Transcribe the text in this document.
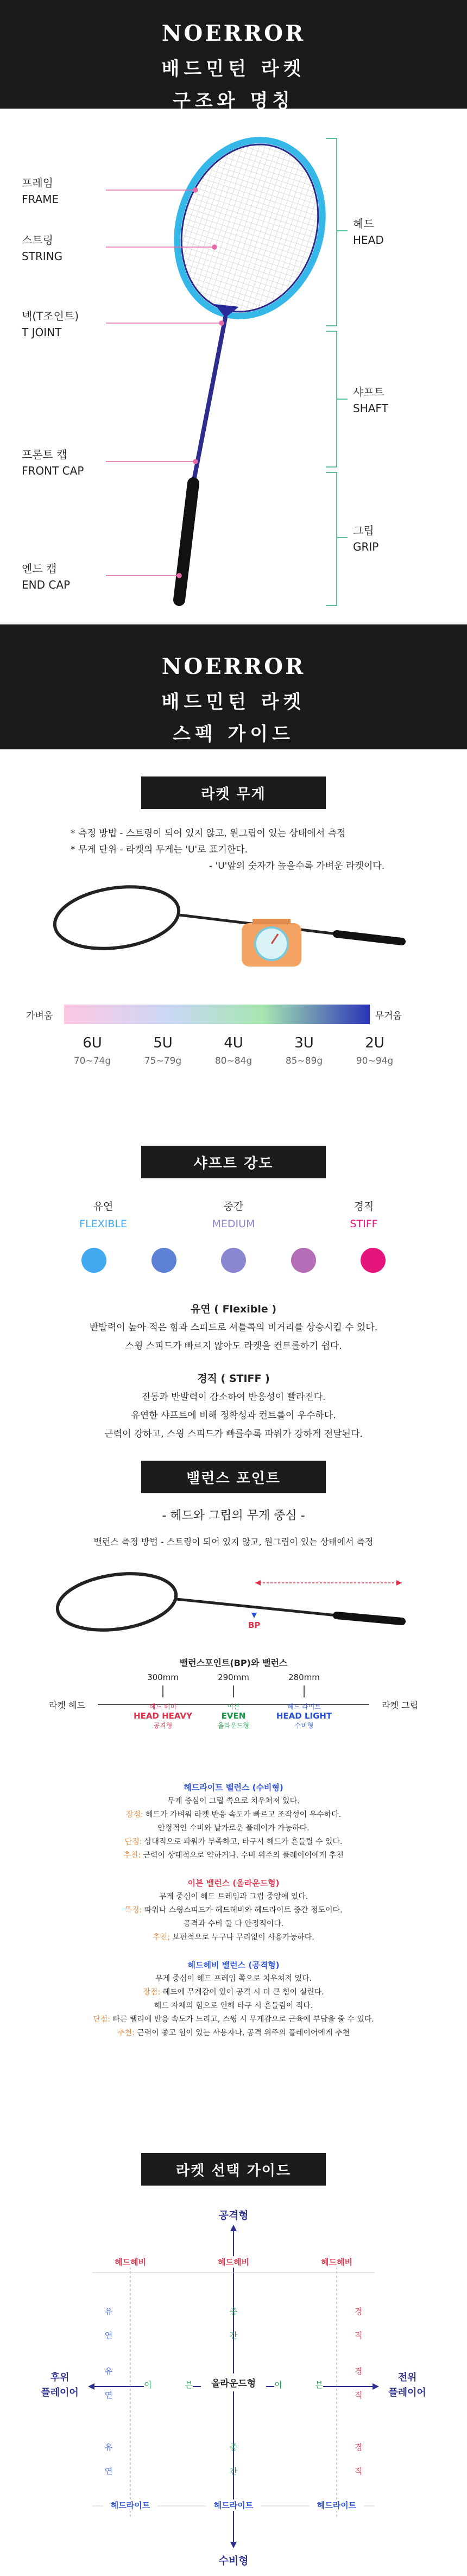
NOERROR
배드민턴 라켓
구조와 명칭
프레임
FRAME
스트링
STRING
넥(T조인트)
T JOINT
프론트 캡
FRONT CAP
엔드 캡
END CAP
헤드
HEAD
샤프트
SHAFT
그립
GRIP
NOERROR
배드민턴 라켓
스펙 가이드
라켓 무게
* 측정 방법 - 스트링이 되어 있지 않고, 원그립이 있는 상태에서 측정
* 무게 단위 - 라켓의 무게는 'U'로 표기한다.
- 'U'앞의 숫자가 높을수록 가벼운 라켓이다.
가벼움	무거움
6U
70~74g
5U
75~79g
4U
80~84g
3U
85~89g
2U
90~94g
샤프트 강도
유연
FLEXIBLE
중간
MEDIUM
경직
STIFF
유연 ( Flexible )
반발력이 높아 적은 힘과 스피드로 셔틀콕의 비거리를 상승시킬 수 있다.
스윙 스피드가 빠르지 않아도 라켓을 컨트롤하기 쉽다.
경직 ( STIFF )
진동과 반발력이 감소하여 반응성이 빨라진다.
유연한 샤프트에 비해 정확성과 컨트롤이 우수하다.
근력이 강하고, 스윙 스피드가 빠를수록 파워가 강하게 전달된다.
밸런스 포인트
- 헤드와 그립의 무게 중심 -
밸런스 측정 방법 - 스트링이 되어 있지 않고, 원그립이 있는 상태에서 측정
BP
밸런스포인트(BP)와 밸런스
라켓 헤드	라켓 그립
300mm
헤드 헤비
HEAD HEAVY
공격형
290mm
이븐
EVEN
올라운드형
280mm
헤드 라이트
HEAD LIGHT
수비형
헤드라이트 밸런스 (수비형)
무게 중심이 그립 쪽으로 치우쳐져 있다.
장점: 헤드가 가벼워 라켓 반응 속도가 빠르고 조작성이 우수하다.
안정적인 수비와 날카로운 플레이가 가능하다.
단점: 상대적으로 파워가 부족하고, 타구시 헤드가 흔들릴 수 있다.
추천: 근력이 상대적으로 약하거나, 수비 위주의 플레이어에게 추천
이븐 밸런스 (올라운드형)
무게 중심이 헤드 트레임과 그립 중앙에 있다.
특징: 파워나 스윙스피드가 헤드헤비와 헤드라이트 중간 정도이다.
공격과 수비 둘 다 안정적이다.
추천: 보편적으로 누구나 무리없이 사용가능하다.
헤드헤비 밸런스 (공격형)
무게 중심이 헤드 프레임 쪽으로 치우쳐져 있다.
장점: 헤드에 무게감이 있어 공격 시 더 큰 힘이 실린다.
헤드 자체의 힘으로 인해 타구 시 흔들림이 적다.
단점: 빠른 랠리에 반응 속도가 느리고, 스윙 시 무게감으로 근육에 부담을 줄 수 있다.
추천: 근력이 좋고 힘이 있는 사용자나, 공격 위주의 플레이어에게 추천
라켓 선택 가이드
공격형
수비형
후위
플레이어
전위
플레이어
올라운드형
헤드헤비	헤드헤비	헤드헤비
헤드라이트	헤드라이트	헤드라이트
유
연
중
간
경
직
유
연
이	븐	이	븐
경
직
유
연
중
간
경
직
